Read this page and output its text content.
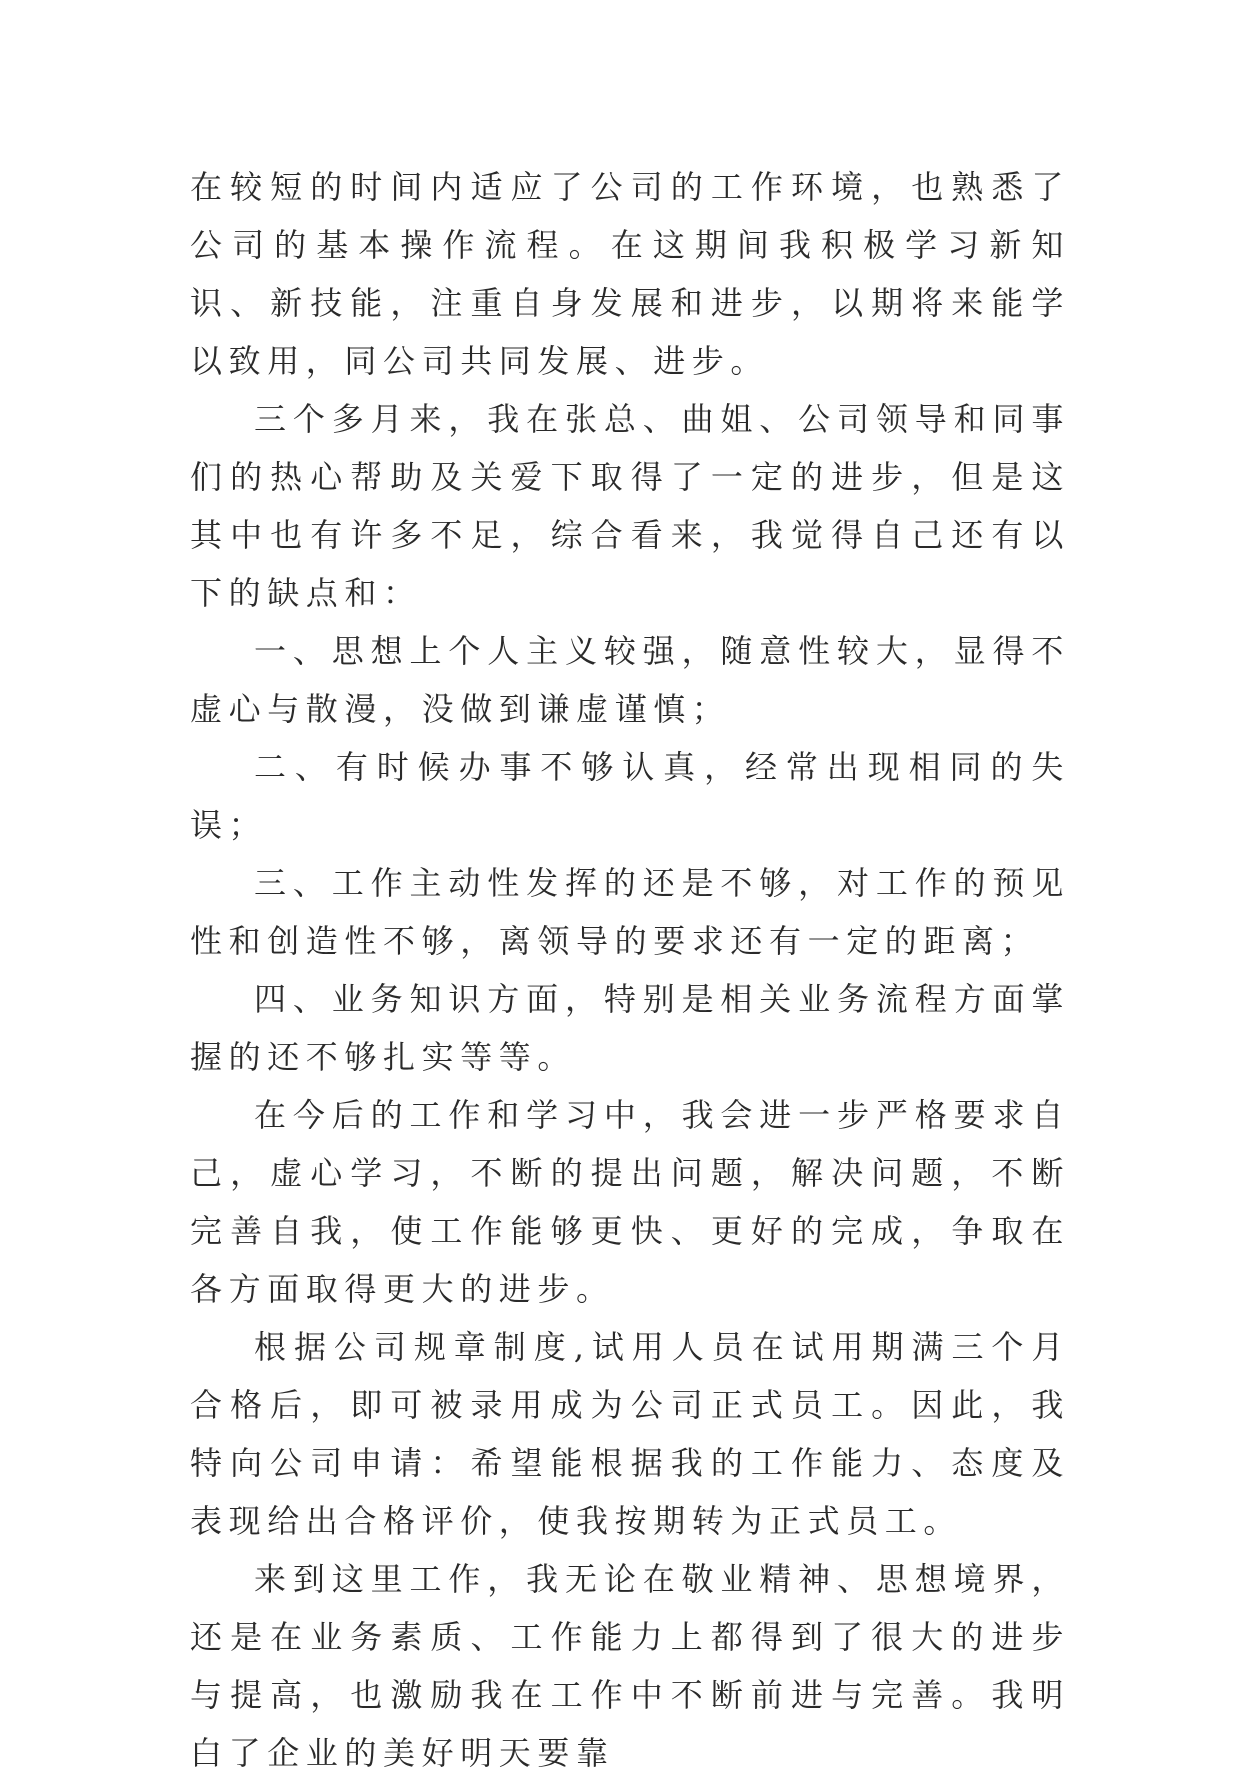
在较短的时间内适应了公司的工作环境，也熟悉了公司的基本操作流程。在这期间我积极学习新知识、新技能，注重自身发展和进步，以期将来能学以致用，同公司共同发展、进步。

三个多月来，我在张总、曲姐、公司领导和同事们的热心帮助及关爱下取得了一定的进步，但是这其中也有许多不足，综合看来，我觉得自己还有以下的缺点和：

一、思想上个人主义较强，随意性较大，显得不虚心与散漫，没做到谦虚谨慎；

二、有时候办事不够认真，经常出现相同的失误；

三、工作主动性发挥的还是不够，对工作的预见性和创造性不够，离领导的要求还有一定的距离；

四、业务知识方面，特别是相关业务流程方面掌握的还不够扎实等等。

在今后的工作和学习中，我会进一步严格要求自己，虚心学习，不断的提出问题，解决问题，不断完善自我，使工作能够更快、更好的完成，争取在各方面取得更大的进步。

根据公司规章制度,试用人员在试用期满三个月合格后，即可被录用成为公司正式员工。因此，我特向公司申请：希望能根据我的工作能力、态度及表现给出合格评价，使我按期转为正式员工。

来到这里工作，我无论在敬业精神、思想境界，还是在业务素质、工作能力上都得到了很大的进步与提高，也激励我在工作中不断前进与完善。我明白了企业的美好明天要靠
